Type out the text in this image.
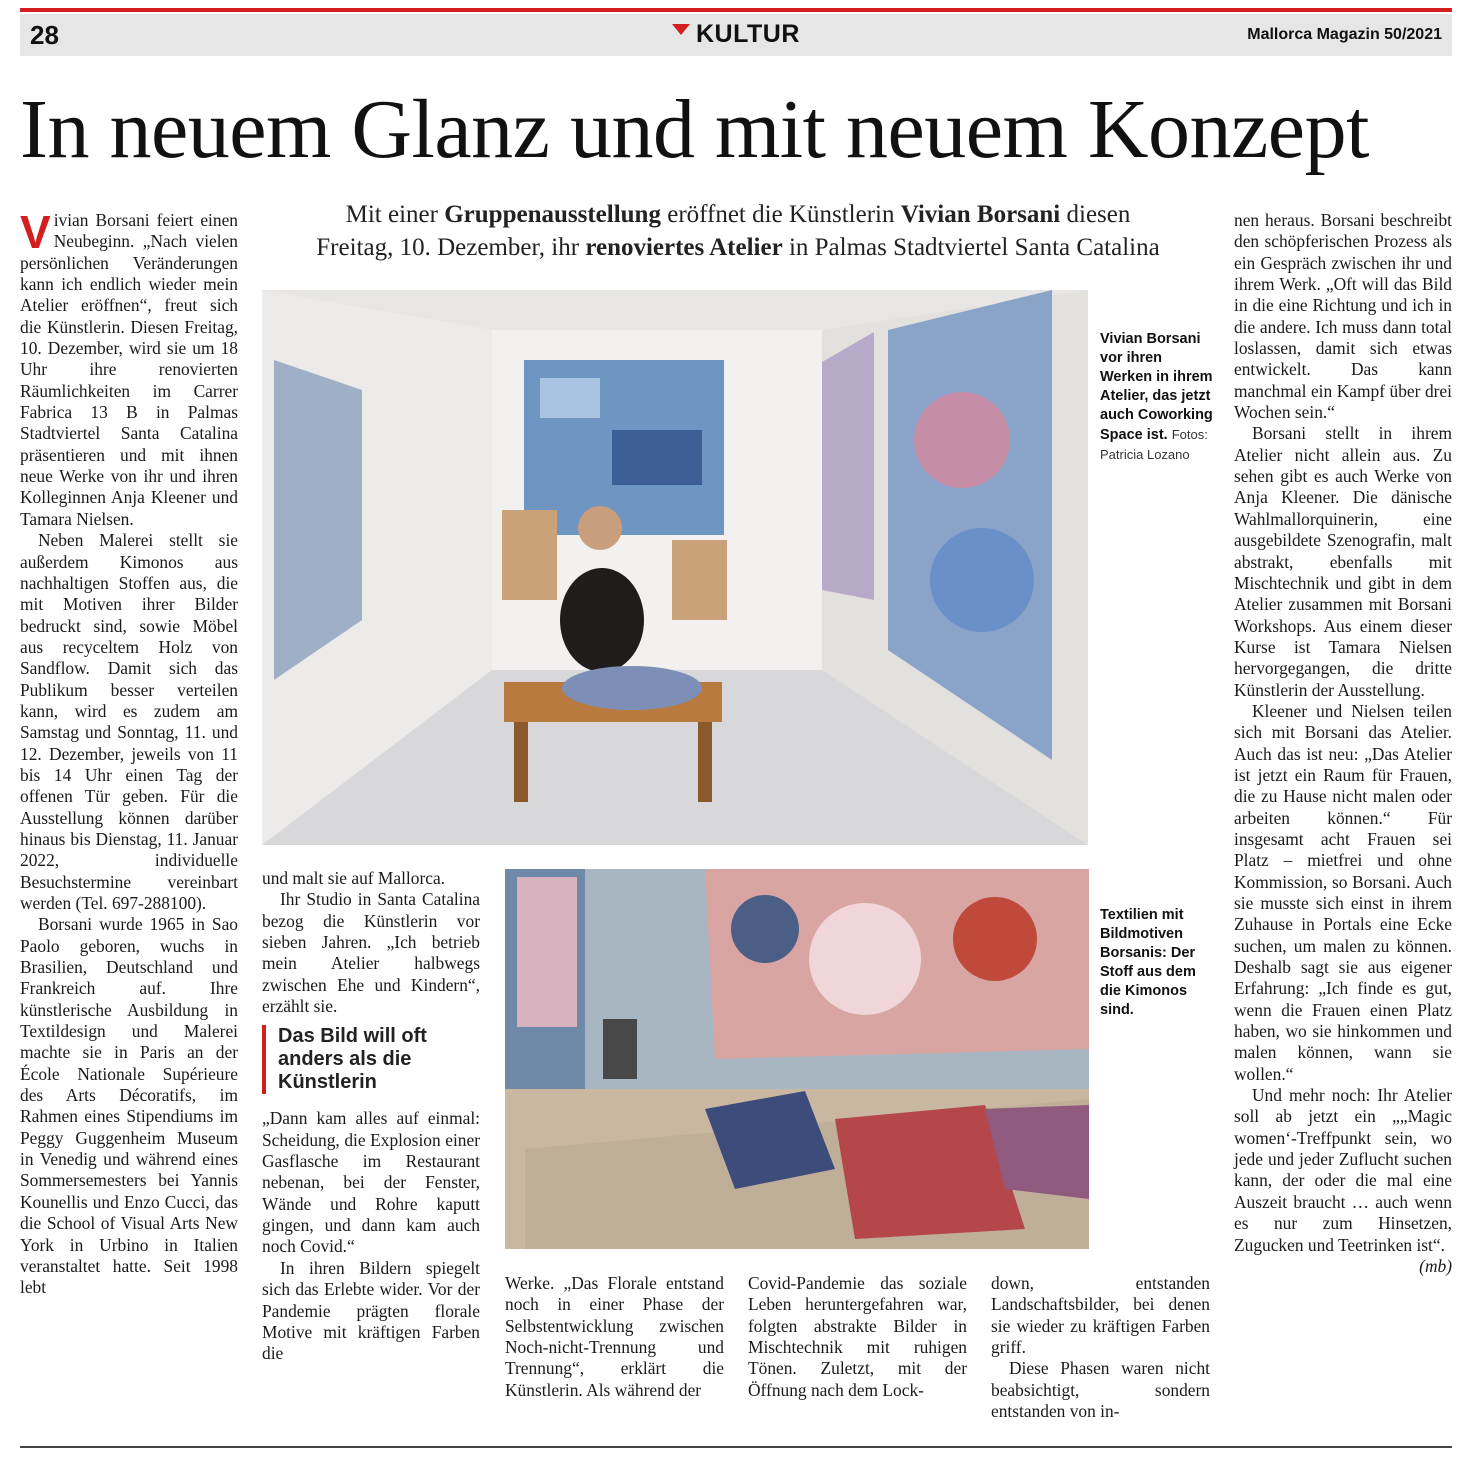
28	KULTUR	Mallorca Magazin 50/2021
In neuem Glanz und mit neuem Konzept
Mit einer Gruppenausstellung eröffnet die Künstlerin Vivian Borsani diesen
Freitag, 10. Dezember, ihr renoviertes Atelier in Palmas Stadtviertel Santa Catalina

Vivian Borsani feiert einen Neubeginn. „Nach vielen persönlichen Veränderungen kann ich endlich wieder mein Atelier eröffnen“, freut sich die Künstlerin. Diesen Freitag, 10. Dezember, wird sie um 18 Uhr ihre renovierten Räumlichkeiten im Carrer Fabrica 13 B in Palmas Stadtviertel Santa Catalina präsentieren und mit ihnen neue Werke von ihr und ihren Kolleginnen Anja Kleener und Tamara Nielsen.

Neben Malerei stellt sie außerdem Kimonos aus nachhaltigen Stoffen aus, die mit Motiven ihrer Bilder bedruckt sind, sowie Möbel aus recyceltem Holz von Sandflow. Damit sich das Publikum besser verteilen kann, wird es zudem am Samstag und Sonntag, 11. und 12. Dezember, jeweils von 11 bis 14 Uhr einen Tag der offenen Tür geben. Für die Ausstellung können darüber hinaus bis Dienstag, 11. Januar 2022, individuelle Besuchstermine vereinbart werden (Tel. 697-288100).

Borsani wurde 1965 in Sao Paolo geboren, wuchs in Brasilien, Deutschland und Frankreich auf. Ihre künstlerische Ausbildung in Textildesign und Malerei machte sie in Paris an der École Nationale Supérieure des Arts Décoratifs, im Rahmen eines Stipendiums im Peggy Guggenheim Museum in Venedig und während eines Sommersemesters bei Yannis Kounellis und Enzo Cucci, das die School of Visual Arts New York in Urbino in Italien veranstaltet hatte. Seit 1998 lebt

Vivian Borsani vor ihren Werken in ihrem Atelier, das jetzt auch Coworking Space ist. Fotos: Patricia Lozano

und malt sie auf Mallorca.

Ihr Studio in Santa Catalina bezog die Künstlerin vor sieben Jahren. „Ich betrieb mein Atelier halbwegs zwischen Ehe und Kindern“, erzählt sie.

Das Bild will oft anders als die Künstlerin

„Dann kam alles auf einmal: Scheidung, die Explosion einer Gasflasche im Restaurant nebenan, bei der Fenster, Wände und Rohre kaputt gingen, und dann kam auch noch Covid.“

In ihren Bildern spiegelt sich das Erlebte wider. Vor der Pandemie prägten florale Motive mit kräftigen Farben die

Textilien mit Bildmotiven Borsanis: Der Stoff aus dem die Kimonos sind.

Werke. „Das Florale entstand noch in einer Phase der Selbstentwicklung zwischen Noch-nicht-Trennung und Trennung“, erklärt die Künstlerin. Als während der

Covid-Pandemie das soziale Leben heruntergefahren war, folgten abstrakte Bilder in Mischtechnik mit ruhigen Tönen. Zuletzt, mit der Öffnung nach dem Lock-

down, entstanden Landschaftsbilder, bei denen sie wieder zu kräftigen Farben griff.

Diese Phasen waren nicht beabsichtigt, sondern entstanden von in-

nen heraus. Borsani beschreibt den schöpferischen Prozess als ein Gespräch zwischen ihr und ihrem Werk. „Oft will das Bild in die eine Richtung und ich in die andere. Ich muss dann total loslassen, damit sich etwas entwickelt. Das kann manchmal ein Kampf über drei Wochen sein.“

Borsani stellt in ihrem Atelier nicht allein aus. Zu sehen gibt es auch Werke von Anja Kleener. Die dänische Wahlmallorquinerin, eine ausgebildete Szenografin, malt abstrakt, ebenfalls mit Mischtechnik und gibt in dem Atelier zusammen mit Borsani Workshops. Aus einem dieser Kurse ist Tamara Nielsen hervorgegangen, die dritte Künstlerin der Ausstellung.

Kleener und Nielsen teilen sich mit Borsani das Atelier. Auch das ist neu: „Das Atelier ist jetzt ein Raum für Frauen, die zu Hause nicht malen oder arbeiten können.“ Für insgesamt acht Frauen sei Platz – mietfrei und ohne Kommission, so Borsani. Auch sie musste sich einst in ihrem Zuhause in Portals eine Ecke suchen, um malen zu können. Deshalb sagt sie aus eigener Erfahrung: „Ich finde es gut, wenn die Frauen einen Platz haben, wo sie hinkommen und malen können, wann sie wollen.“

Und mehr noch: Ihr Atelier soll ab jetzt ein „„Magic women‘-Treffpunkt sein, wo jede und jeder Zuflucht suchen kann, der oder die mal eine Auszeit braucht … auch wenn es nur zum Hinsetzen, Zugucken und Teetrinken ist“.
(mb)
